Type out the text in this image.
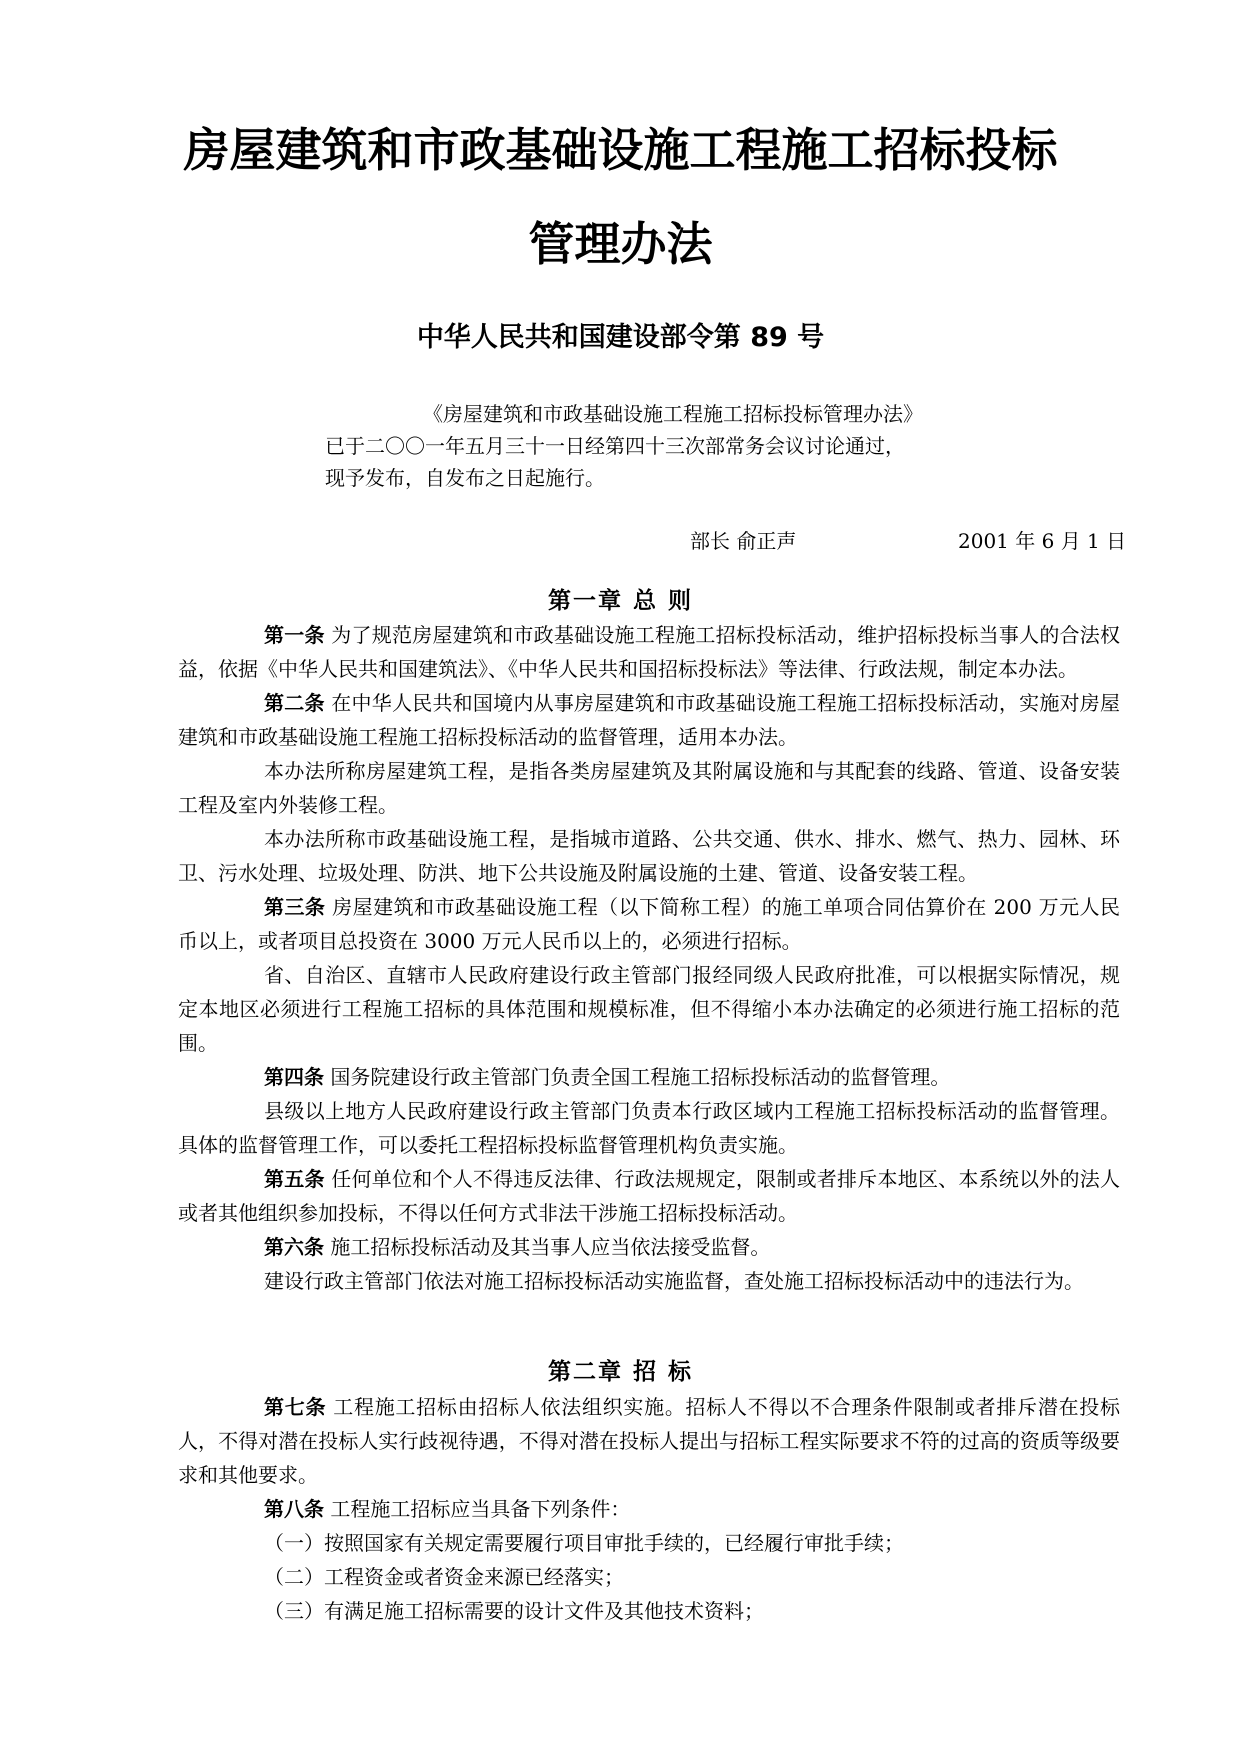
房屋建筑和市政基础设施工程施工招标投标
管理办法
中华人民共和国建设部令第 89 号
《房屋建筑和市政基础设施工程施工招标投标管理办法》
已于二〇〇一年五月三十一日经第四十三次部常务会议讨论通过，
现予发布，自发布之日起施行。
部长 俞正声	2001 年 6 月 1 日
第一章 总 则

第一条 为了规范房屋建筑和市政基础设施工程施工招标投标活动，维护招标投标当事人的合法权益，依据《中华人民共和国建筑法》、《中华人民共和国招标投标法》等法律、行政法规，制定本办法。

第二条 在中华人民共和国境内从事房屋建筑和市政基础设施工程施工招标投标活动，实施对房屋建筑和市政基础设施工程施工招标投标活动的监督管理，适用本办法。

本办法所称房屋建筑工程，是指各类房屋建筑及其附属设施和与其配套的线路、管道、设备安装工程及室内外装修工程。

本办法所称市政基础设施工程，是指城市道路、公共交通、供水、排水、燃气、热力、园林、环卫、污水处理、垃圾处理、防洪、地下公共设施及附属设施的土建、管道、设备安装工程。

第三条 房屋建筑和市政基础设施工程（以下简称工程）的施工单项合同估算价在 200 万元人民币以上，或者项目总投资在 3000 万元人民币以上的，必须进行招标。

省、自治区、直辖市人民政府建设行政主管部门报经同级人民政府批准，可以根据实际情况，规定本地区必须进行工程施工招标的具体范围和规模标准，但不得缩小本办法确定的必须进行施工招标的范围。

第四条 国务院建设行政主管部门负责全国工程施工招标投标活动的监督管理。

县级以上地方人民政府建设行政主管部门负责本行政区域内工程施工招标投标活动的监督管理。具体的监督管理工作，可以委托工程招标投标监督管理机构负责实施。

第五条 任何单位和个人不得违反法律、行政法规规定，限制或者排斥本地区、本系统以外的法人或者其他组织参加投标，不得以任何方式非法干涉施工招标投标活动。

第六条 施工招标投标活动及其当事人应当依法接受监督。

建设行政主管部门依法对施工招标投标活动实施监督，查处施工招标投标活动中的违法行为。

第二章 招 标

第七条 工程施工招标由招标人依法组织实施。招标人不得以不合理条件限制或者排斥潜在投标人，不得对潜在投标人实行歧视待遇，不得对潜在投标人提出与招标工程实际要求不符的过高的资质等级要求和其他要求。

第八条 工程施工招标应当具备下列条件：

（一）按照国家有关规定需要履行项目审批手续的，已经履行审批手续；
（二）工程资金或者资金来源已经落实；
（三）有满足施工招标需要的设计文件及其他技术资料；
